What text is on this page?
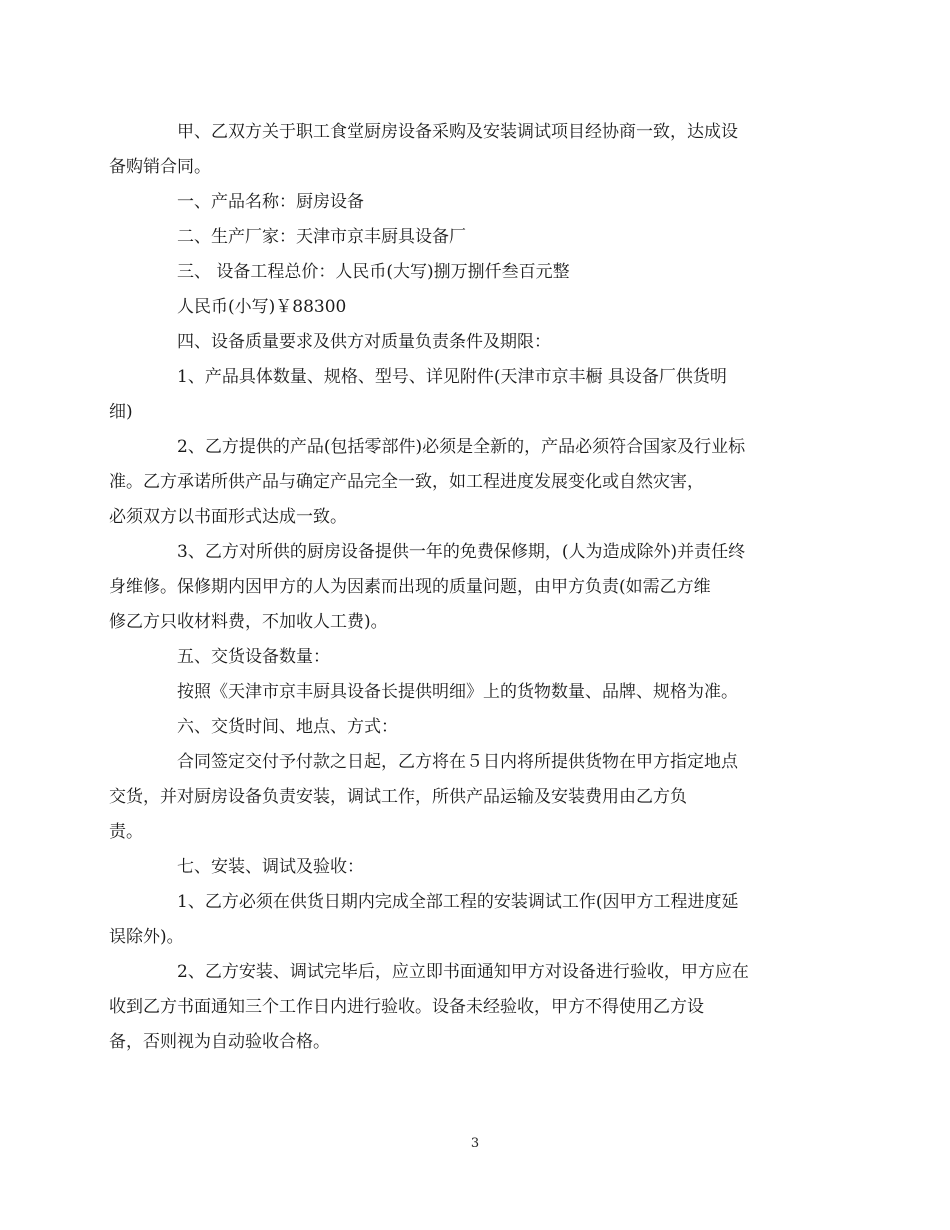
甲、乙双方关于职工食堂厨房设备采购及安装调试项目经协商一致，达成设
备购销合同。

一、产品名称：厨房设备

二、生产厂家：天津市京丰厨具设备厂

三、 设备工程总价：人民币(大写)捌万捌仟叁百元整

人民币(小写)￥88300

四、设备质量要求及供方对质量负责条件及期限：

1、产品具体数量、规格、型号、详见附件(天津市京丰橱 具设备厂供货明
细)

2、乙方提供的产品(包括零部件)必须是全新的，产品必须符合国家及行业标
准。乙方承诺所供产品与确定产品完全一致，如工程进度发展变化或自然灾害，
必须双方以书面形式达成一致。

3、乙方对所供的厨房设备提供一年的免费保修期，(人为造成除外)并责任终
身维修。保修期内因甲方的人为因素而出现的质量问题，由甲方负责(如需乙方维
修乙方只收材料费，不加收人工费)。

五、交货设备数量：

按照《天津市京丰厨具设备长提供明细》上的货物数量、品牌、规格为准。

六、交货时间、地点、方式：

合同签定交付予付款之日起，乙方将在５日内将所提供货物在甲方指定地点
交货，并对厨房设备负责安装，调试工作，所供产品运输及安装费用由乙方负
责。

七、安装、调试及验收：

1、乙方必须在供货日期内完成全部工程的安装调试工作(因甲方工程进度延
误除外)。

2、乙方安装、调试完毕后，应立即书面通知甲方对设备进行验收，甲方应在
收到乙方书面通知三个工作日内进行验收。设备未经验收，甲方不得使用乙方设
备，否则视为自动验收合格。

3
